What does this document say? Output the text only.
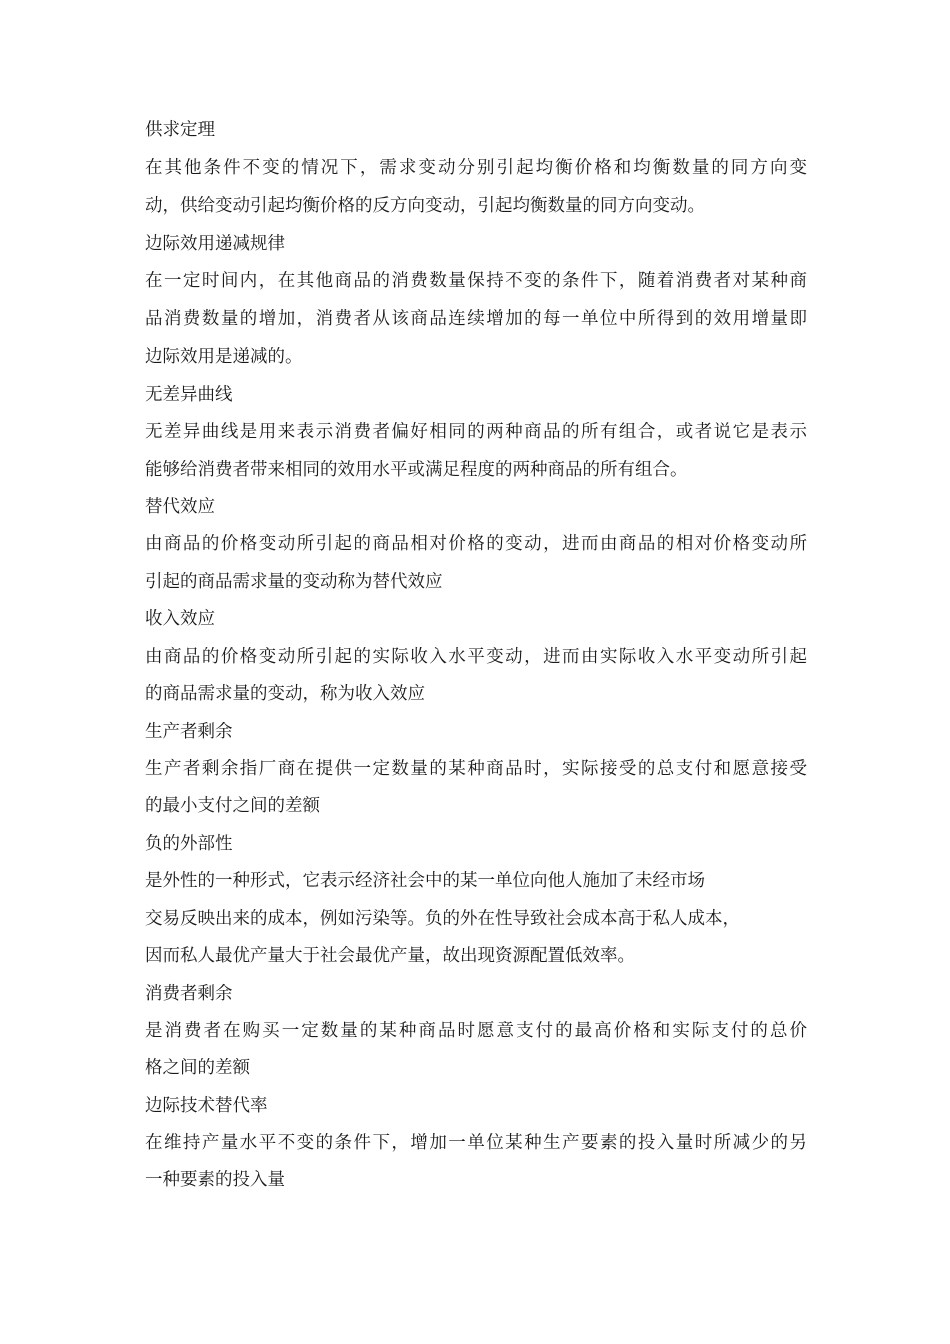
供求定理

在其他条件不变的情况下，需求变动分别引起均衡价格和均衡数量的同方向变

动，供给变动引起均衡价格的反方向变动，引起均衡数量的同方向变动。

边际效用递减规律

在一定时间内，在其他商品的消费数量保持不变的条件下，随着消费者对某种商

品消费数量的增加，消费者从该商品连续增加的每一单位中所得到的效用增量即

边际效用是递减的。

无差异曲线

无差异曲线是用来表示消费者偏好相同的两种商品的所有组合，或者说它是表示

能够给消费者带来相同的效用水平或满足程度的两种商品的所有组合。

替代效应

由商品的价格变动所引起的商品相对价格的变动，进而由商品的相对价格变动所

引起的商品需求量的变动称为替代效应

收入效应

由商品的价格变动所引起的实际收入水平变动，进而由实际收入水平变动所引起

的商品需求量的变动，称为收入效应

生产者剩余

生产者剩余指厂商在提供一定数量的某种商品时，实际接受的总支付和愿意接受

的最小支付之间的差额

负的外部性

是外性的一种形式，它表示经济社会中的某一单位向他人施加了未经市场

交易反映出来的成本，例如污染等。负的外在性导致社会成本高于私人成本，

因而私人最优产量大于社会最优产量，故出现资源配置低效率。

消费者剩余

是消费者在购买一定数量的某种商品时愿意支付的最高价格和实际支付的总价

格之间的差额

边际技术替代率

在维持产量水平不变的条件下，增加一单位某种生产要素的投入量时所减少的另

一种要素的投入量
